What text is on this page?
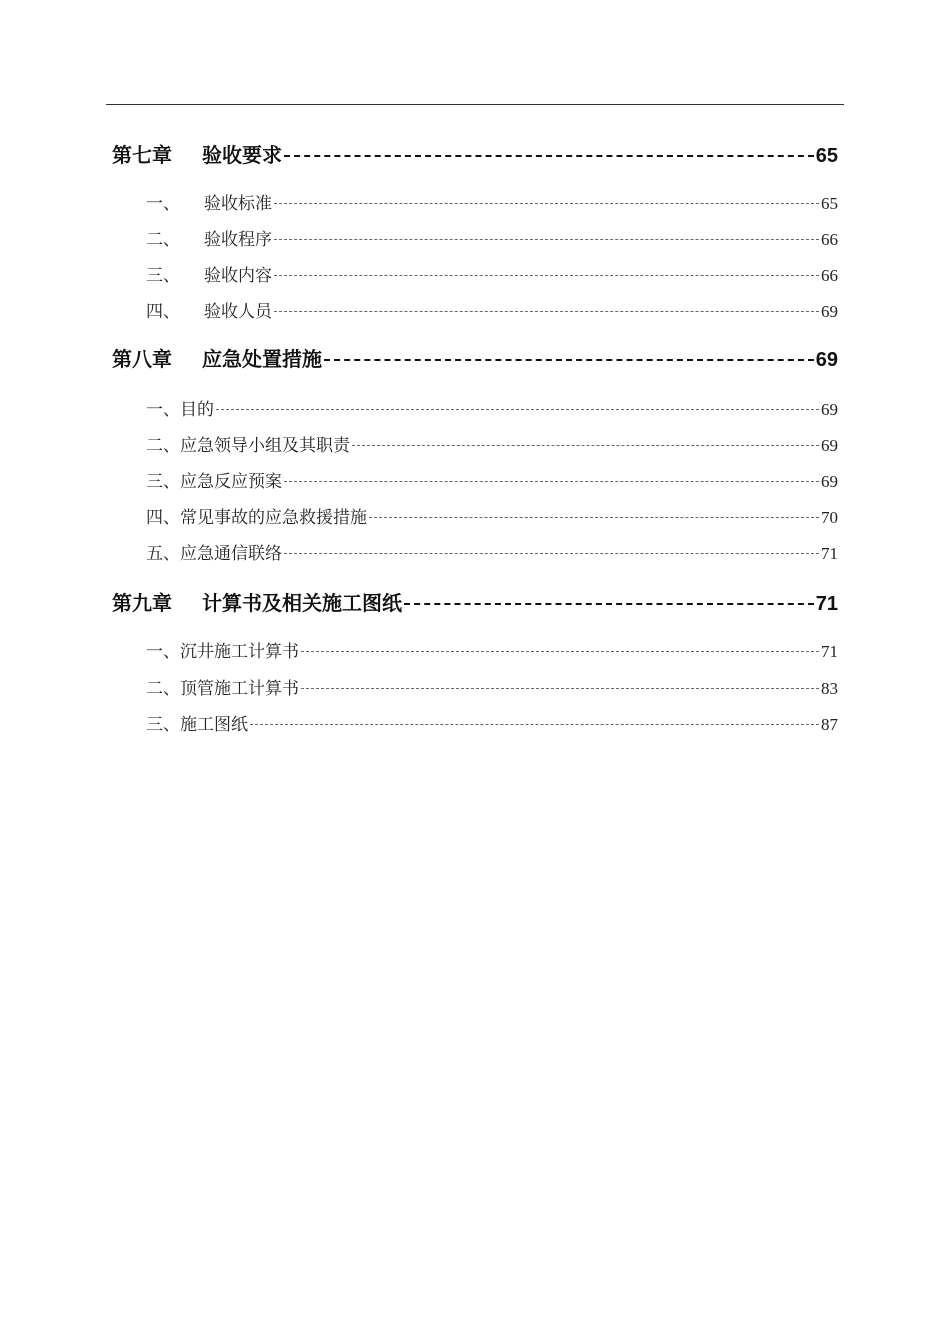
第七章	验收要求	65
一、	验收标准	65
二、	验收程序	66
三、	验收内容	66
四、	验收人员	69
第八章	应急处置措施	69
一、 目的	69
二、 应急领导小组及其职责	69
三、 应急反应预案	69
四、 常见事故的应急救援措施	70
五、 应急通信联络	71
第九章	计算书及相关施工图纸	71
一、 沉井施工计算书	71
二、 顶管施工计算书	83
三、 施工图纸	87
